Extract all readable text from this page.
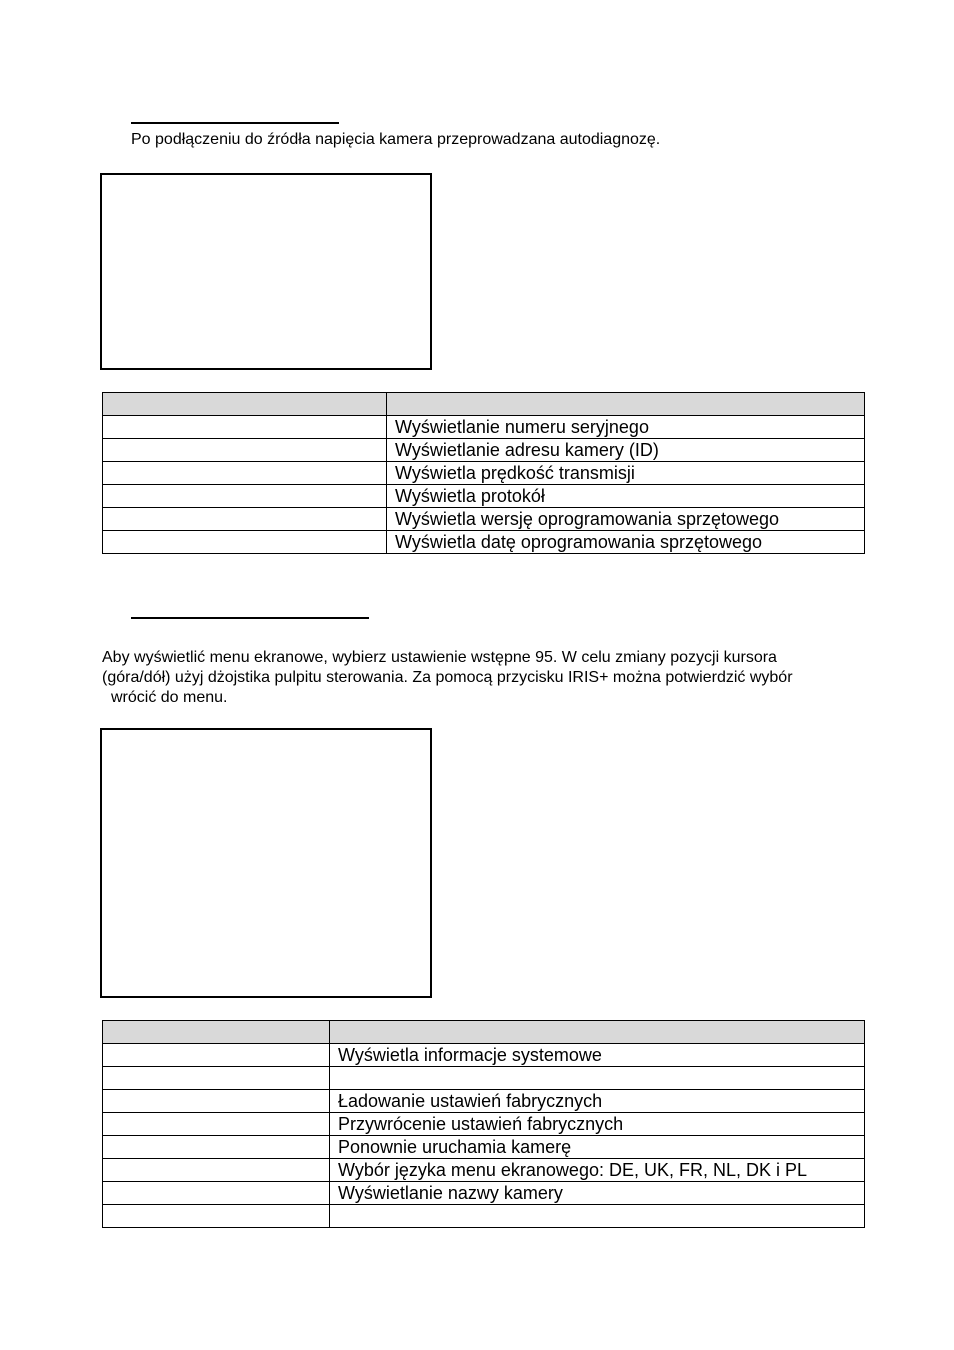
Po podłączeniu do źródła napięcia kamera przeprowadzana autodiagnozę.

	Wyświetlanie numeru seryjnego
	Wyświetlanie adresu kamery (ID)
	Wyświetla prędkość transmisji
	Wyświetla protokół
	Wyświetla wersję oprogramowania sprzętowego
	Wyświetla datę oprogramowania sprzętowego
Aby wyświetlić menu ekranowe, wybierz ustawienie wstępne 95. W celu zmiany pozycji kursora
(góra/dół) użyj dżojstika pulpitu sterowania. Za pomocą przycisku IRIS+ można potwierdzić wybór
wrócić do menu.

	Wyświetla informacje systemowe

	Ładowanie ustawień fabrycznych
	Przywrócenie ustawień fabrycznych
	Ponownie uruchamia kamerę
	Wybór języka menu ekranowego: DE, UK, FR, NL, DK i PL
	Wyświetlanie nazwy kamery
